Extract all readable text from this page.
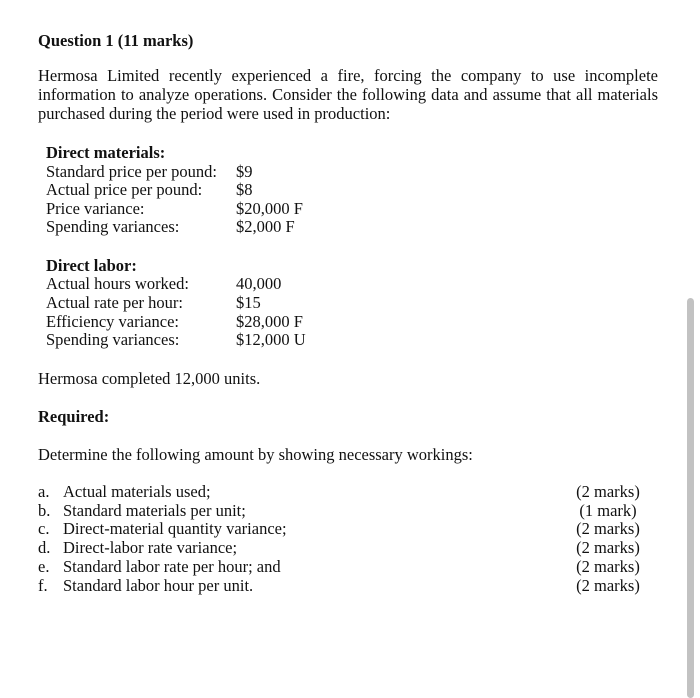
Question 1 (11 marks)
Hermosa Limited recently experienced a fire, forcing the company to use incomplete information to analyze operations. Consider the following data and assume that all materials purchased during the period were used in production:
Direct materials:
Standard price per pound: $9
Actual price per pound: $8
Price variance:	$20,000 F
Spending variances:	$2,000 F
Direct labor:
Actual hours worked:	40,000
Actual rate per hour:	$15
Efficiency variance:	$28,000 F
Spending variances:	$12,000 U
Hermosa completed 12,000 units.
Required:
Determine the following amount by showing necessary workings:
a. Actual materials used;	(2 marks)
b. Standard materials per unit;	(1 mark)
c. Direct-material quantity variance;	(2 marks)
d. Direct-labor rate variance;	(2 marks)
e. Standard labor rate per hour; and	(2 marks)
f. Standard labor hour per unit.	(2 marks)
